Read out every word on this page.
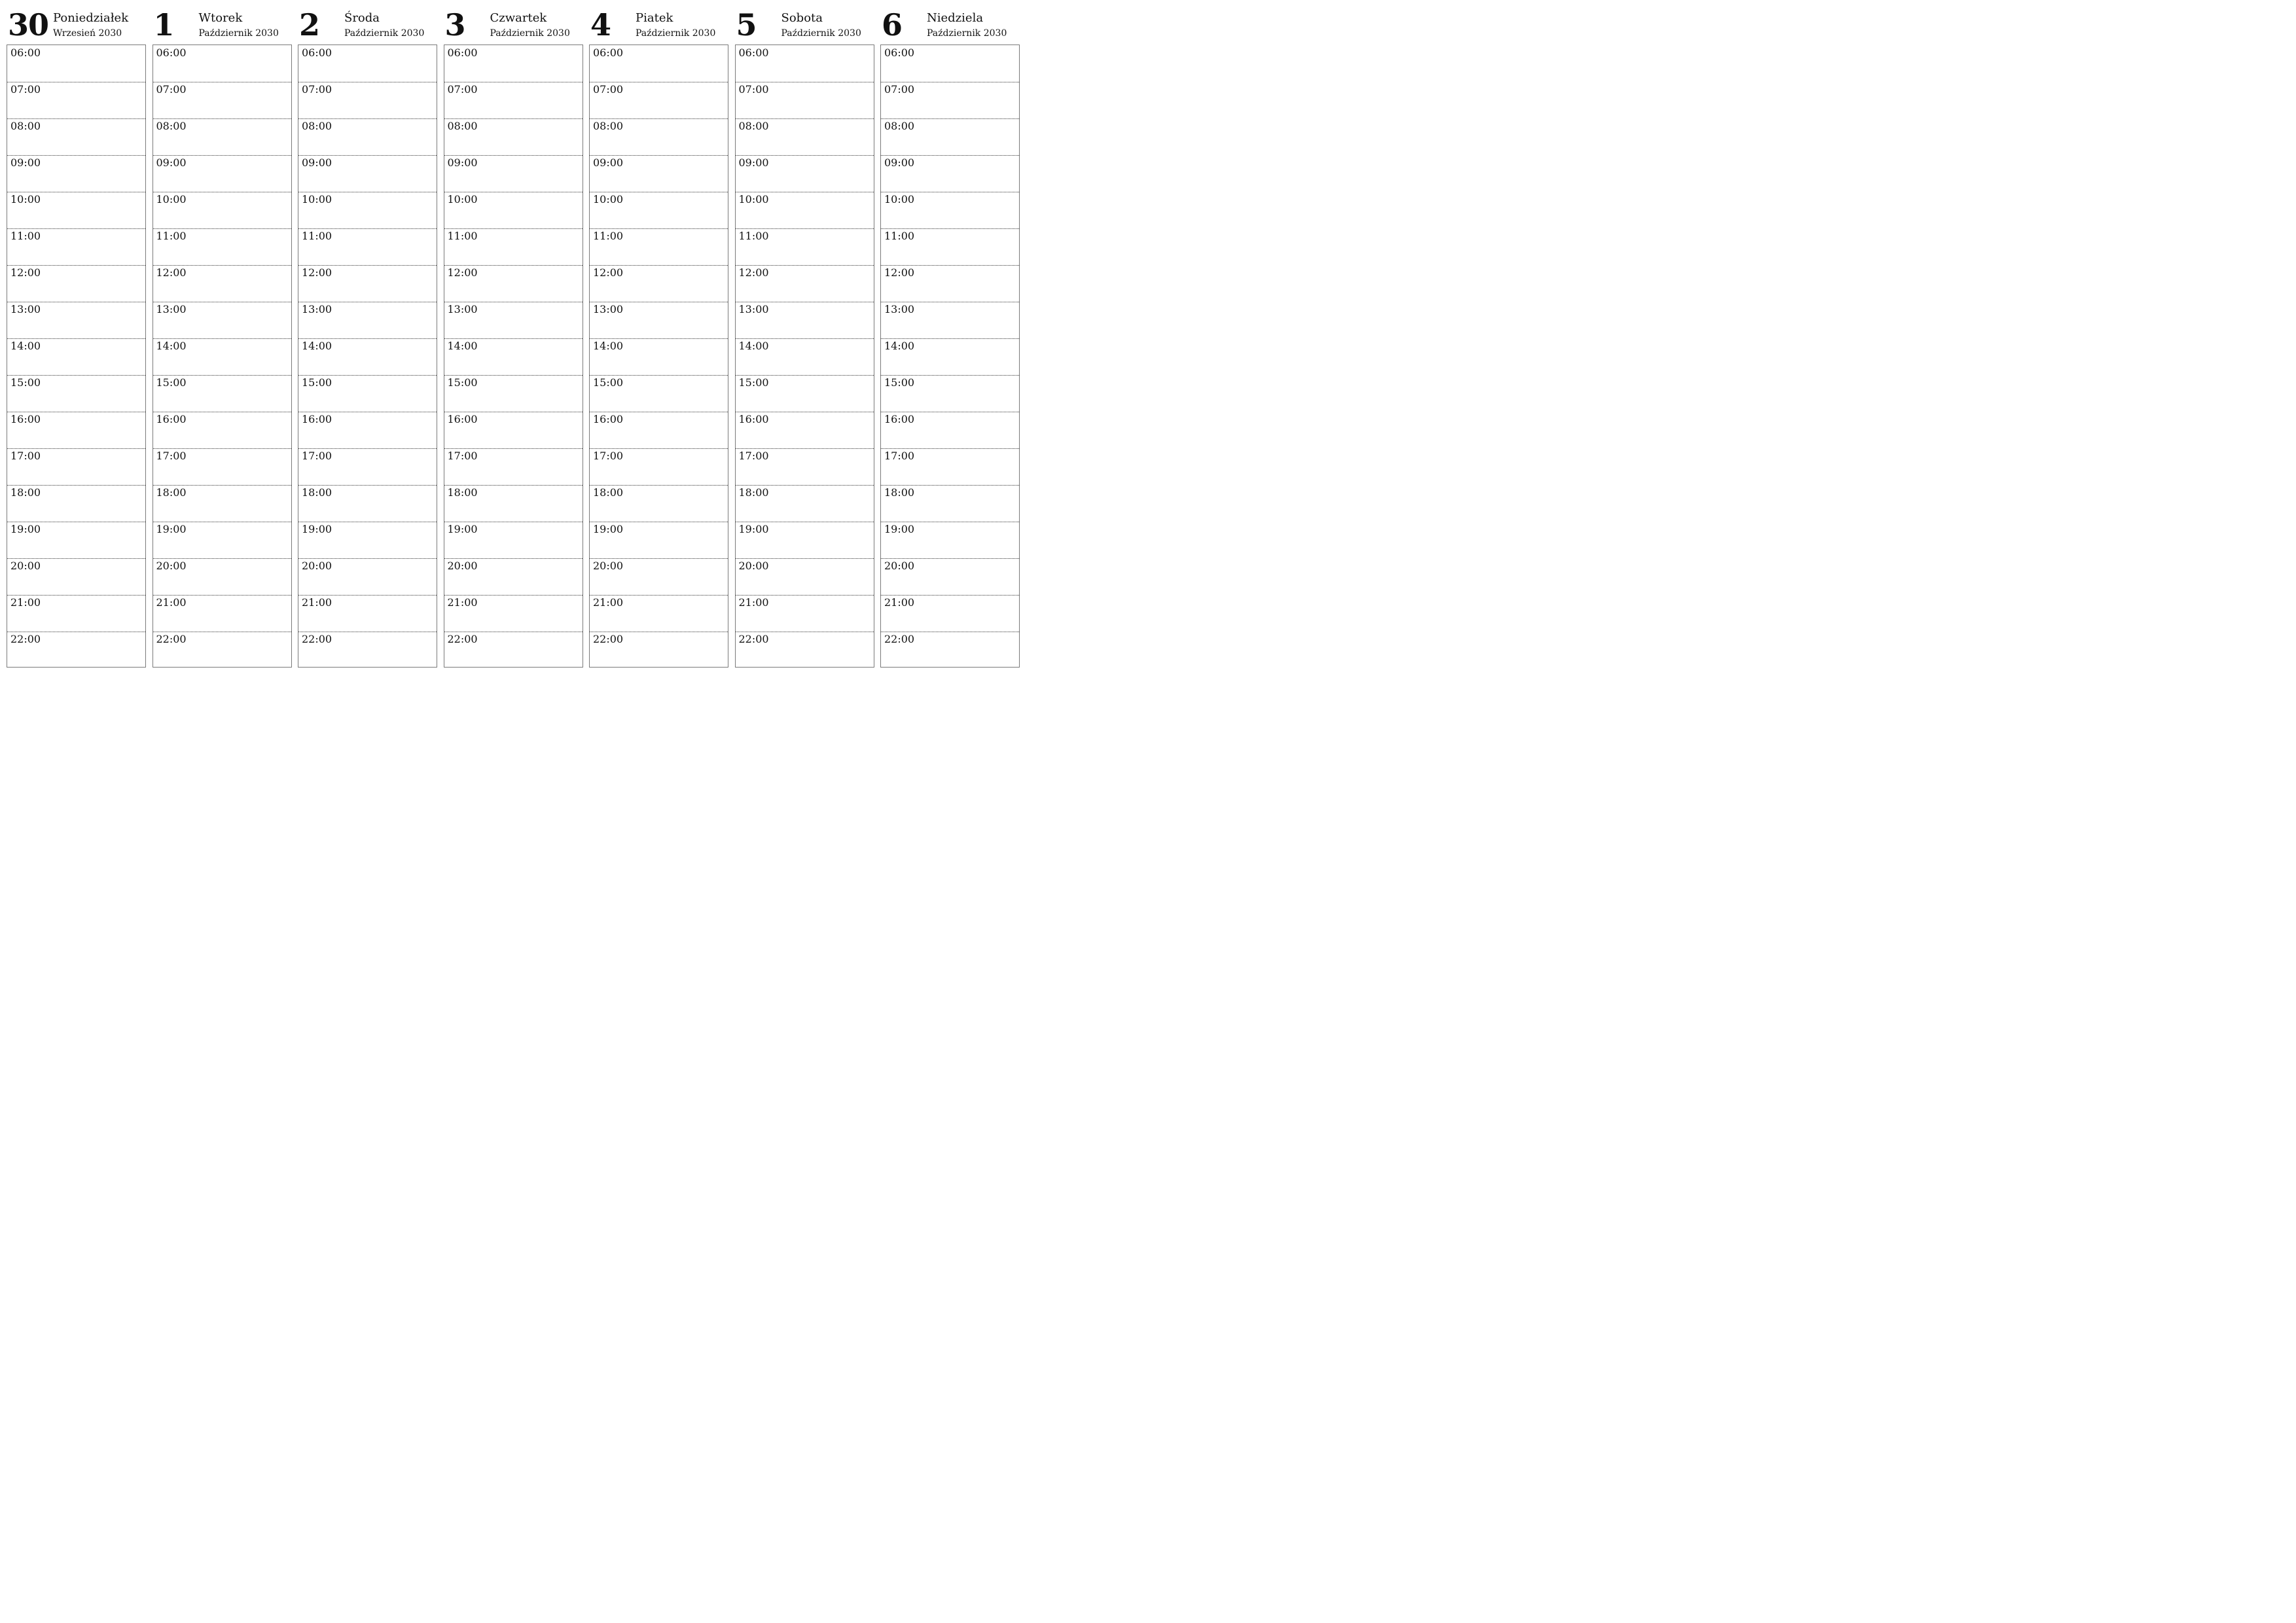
30 Poniedziałek
Wrzesień 2030
06:00
07:00
08:00
09:00
10:00
11:00
12:00
13:00
14:00
15:00
16:00
17:00
18:00
19:00
20:00
21:00
22:00
1 Wtorek
Październik 2030
06:00
07:00
08:00
09:00
10:00
11:00
12:00
13:00
14:00
15:00
16:00
17:00
18:00
19:00
20:00
21:00
22:00
2 Środa
Październik 2030
06:00
07:00
08:00
09:00
10:00
11:00
12:00
13:00
14:00
15:00
16:00
17:00
18:00
19:00
20:00
21:00
22:00
3 Czwartek
Październik 2030
06:00
07:00
08:00
09:00
10:00
11:00
12:00
13:00
14:00
15:00
16:00
17:00
18:00
19:00
20:00
21:00
22:00
4 Piatek
Październik 2030
06:00
07:00
08:00
09:00
10:00
11:00
12:00
13:00
14:00
15:00
16:00
17:00
18:00
19:00
20:00
21:00
22:00
5 Sobota
Październik 2030
06:00
07:00
08:00
09:00
10:00
11:00
12:00
13:00
14:00
15:00
16:00
17:00
18:00
19:00
20:00
21:00
22:00
6 Niedziela
Październik 2030
06:00
07:00
08:00
09:00
10:00
11:00
12:00
13:00
14:00
15:00
16:00
17:00
18:00
19:00
20:00
21:00
22:00
